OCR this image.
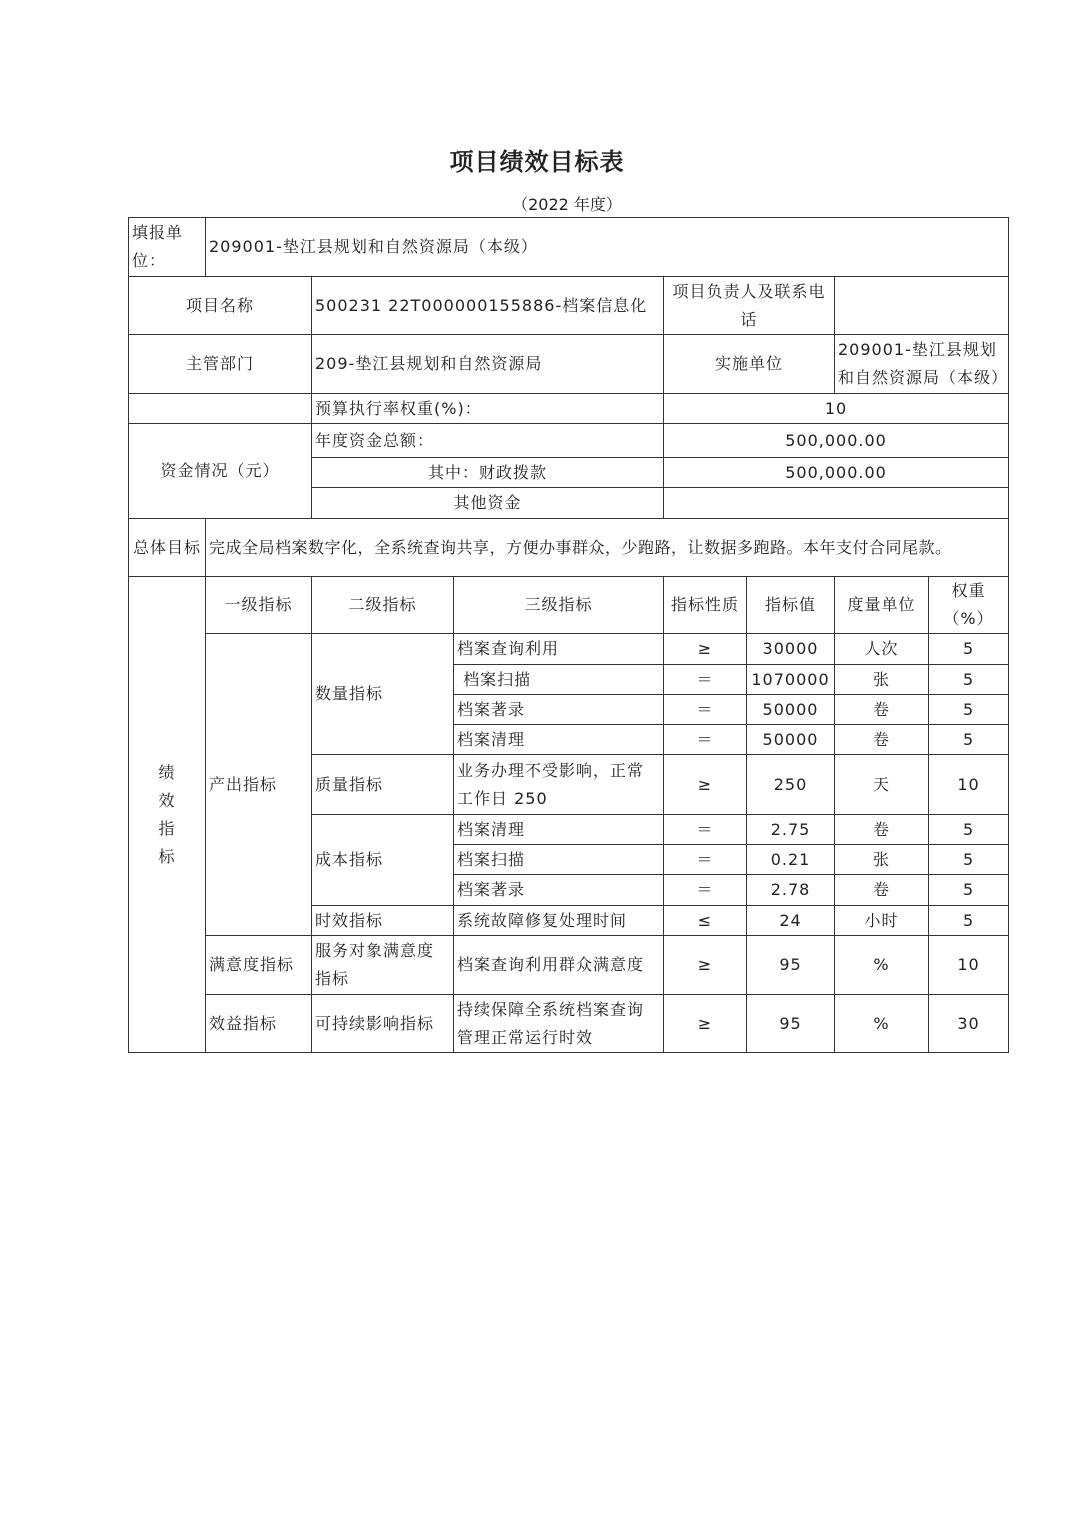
项目绩效目标表
（2022 年度）
填报单位：	209001-垫江县规划和自然资源局（本级）						
项目名称		500231 22T000000155886-档案信息化		项目负责人及联系电话			
主管部门		209-垫江县规划和自然资源局		实施单位		209001-垫江县规划和自然资源局（本级）	
		预算执行率权重(%)：		10			
资金情况（元）		年度资金总额：		500,000.00			
		其中：财政拨款		500,000.00			
		其他资金					
总体目标	完成全局档案数字化，全系统查询共享，方便办事群众，少跑路，让数据多跑路。本年支付合同尾款。						
绩效指标	一级指标	二级指标	三级指标	指标性质	指标值	度量单位	权重（%）
	产出指标	数量指标	档案查询利用	≥	30000	人次	5
			档案扫描	＝	1070000	张	5
			档案著录	＝	50000	卷	5
			档案清理	＝	50000	卷	5
		质量指标	业务办理不受影响，正常工作日 250	≥	250	天	10
		成本指标	档案清理	＝	2.75	卷	5
			档案扫描	＝	0.21	张	5
			档案著录	＝	2.78	卷	5
		时效指标	系统故障修复处理时间	≤	24	小时	5
	满意度指标	服务对象满意度指标	档案查询利用群众满意度	≥	95	%	10
	效益指标	可持续影响指标	持续保障全系统档案查询管理正常运行时效	≥	95	%	30
